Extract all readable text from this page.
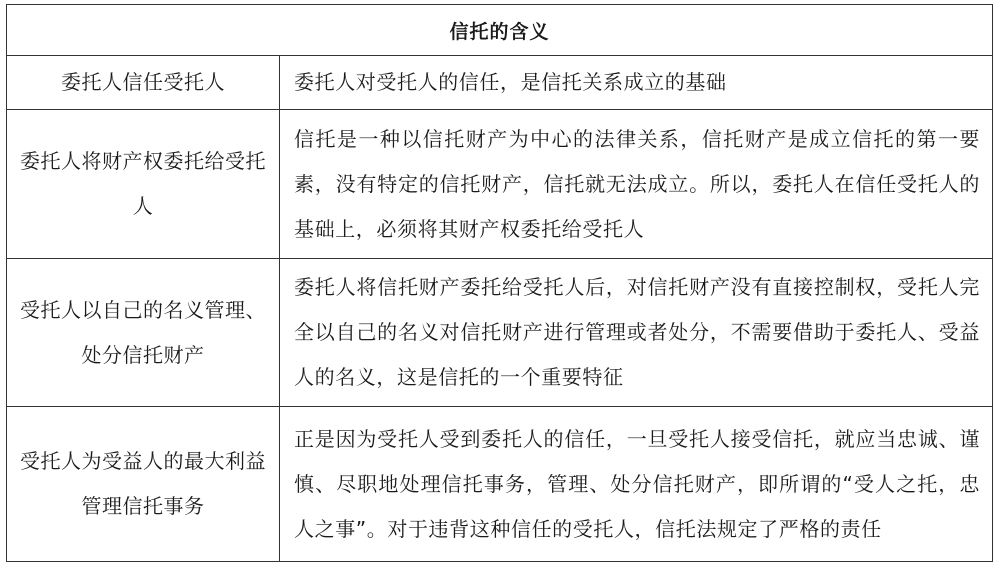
信托的含义	
委托人信任受托人	委托人对受托人的信任，是信托关系成立的基础
委托人将财产权委托给受托人	信托是一种以信托财产为中心的法律关系，信托财产是成立信托的第一要素，没有特定的信托财产，信托就无法成立。所以，委托人在信任受托人的基础上，必须将其财产权委托给受托人
受托人以自己的名义管理、处分信托财产	委托人将信托财产委托给受托人后，对信托财产没有直接控制权，受托人完全以自己的名义对信托财产进行管理或者处分，不需要借助于委托人、受益人的名义，这是信托的一个重要特征
受托人为受益人的最大利益管理信托事务	正是因为受托人受到委托人的信任，一旦受托人接受信托，就应当忠诚、谨慎、尽职地处理信托事务，管理、处分信托财产，即所谓的“受人之托，忠人之事”。对于违背这种信任的受托人，信托法规定了严格的责任
